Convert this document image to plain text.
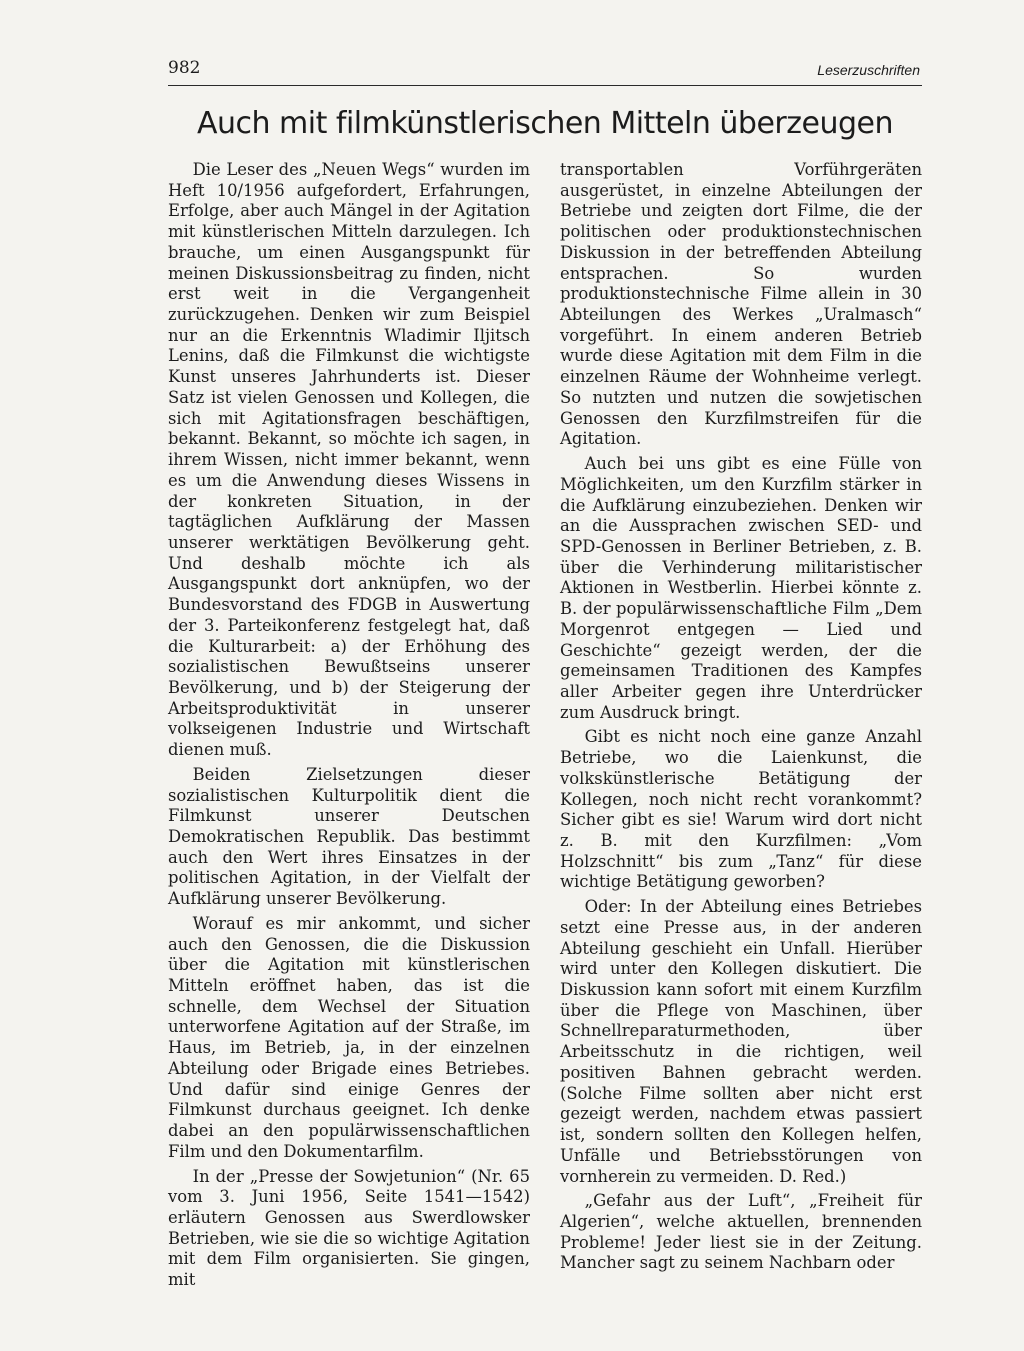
982	Leserzuschriften
Auch mit filmkünstlerischen Mitteln überzeugen

Die Leser des „Neuen Wegs“ wurden im Heft 10/1956 aufgefordert, Erfahrungen, Erfolge, aber auch Mängel in der Agitation mit künstlerischen Mitteln darzulegen. Ich brauche, um einen Ausgangspunkt für meinen Diskussionsbeitrag zu finden, nicht erst weit in die Vergangenheit zurückzugehen. Denken wir zum Beispiel nur an die Erkenntnis Wladimir Iljitsch Lenins, daß die Filmkunst die wichtigste Kunst unseres Jahrhunderts ist. Dieser Satz ist vielen Genossen und Kollegen, die sich mit Agitationsfragen beschäftigen, bekannt. Bekannt, so möchte ich sagen, in ihrem Wissen, nicht immer bekannt, wenn es um die Anwendung dieses Wissens in der konkreten Situation, in der tagtäglichen Aufklärung der Massen unserer werktätigen Bevölkerung geht. Und deshalb möchte ich als Ausgangspunkt dort anknüpfen, wo der Bundesvorstand des FDGB in Auswertung der 3. Parteikonferenz festgelegt hat, daß die Kulturarbeit: a) der Erhöhung des sozialistischen Bewußtseins unserer Bevölkerung, und b) der Steigerung der Arbeitsproduktivität in unserer volkseigenen Industrie und Wirtschaft dienen muß.

Beiden Zielsetzungen dieser sozialistischen Kulturpolitik dient die Filmkunst unserer Deutschen Demokratischen Republik. Das bestimmt auch den Wert ihres Einsatzes in der politischen Agitation, in der Vielfalt der Aufklärung unserer Bevölkerung.

Worauf es mir ankommt, und sicher auch den Genossen, die die Diskussion über die Agitation mit künstlerischen Mitteln eröffnet haben, das ist die schnelle, dem Wechsel der Situation unterworfene Agitation auf der Straße, im Haus, im Betrieb, ja, in der einzelnen Abteilung oder Brigade eines Betriebes. Und dafür sind einige Genres der Filmkunst durchaus geeignet. Ich denke dabei an den populärwissenschaftlichen Film und den Dokumentarfilm.

In der „Presse der Sowjetunion“ (Nr. 65 vom 3. Juni 1956, Seite 1541—1542) erläutern Genossen aus Swerdlowsker Betrieben, wie sie die so wichtige Agitation mit dem Film organisierten. Sie gingen, mit

transportablen Vorführgeräten ausgerüstet, in einzelne Abteilungen der Betriebe und zeigten dort Filme, die der politischen oder produktionstechnischen Diskussion in der betreffenden Abteilung entsprachen. So wurden produktionstechnische Filme allein in 30 Abteilungen des Werkes „Uralmasch“ vorgeführt. In einem anderen Betrieb wurde diese Agitation mit dem Film in die einzelnen Räume der Wohnheime verlegt. So nutzten und nutzen die sowjetischen Genossen den Kurzfilmstreifen für die Agitation.

Auch bei uns gibt es eine Fülle von Möglichkeiten, um den Kurzfilm stärker in die Aufklärung einzubeziehen. Denken wir an die Aussprachen zwischen SED- und SPD-Genossen in Berliner Betrieben, z. B. über die Verhinderung militaristischer Aktionen in Westberlin. Hierbei könnte z. B. der populärwissenschaftliche Film „Dem Morgenrot entgegen — Lied und Geschichte“ gezeigt werden, der die gemeinsamen Traditionen des Kampfes aller Arbeiter gegen ihre Unterdrücker zum Ausdruck bringt.

Gibt es nicht noch eine ganze Anzahl Betriebe, wo die Laienkunst, die volkskünstlerische Betätigung der Kollegen, noch nicht recht vorankommt? Sicher gibt es sie! Warum wird dort nicht z. B. mit den Kurzfilmen: „Vom Holzschnitt“ bis zum „Tanz“ für diese wichtige Betätigung geworben?

Oder: In der Abteilung eines Betriebes setzt eine Presse aus, in der anderen Abteilung geschieht ein Unfall. Hierüber wird unter den Kollegen diskutiert. Die Diskussion kann sofort mit einem Kurzfilm über die Pflege von Maschinen, über Schnellreparaturmethoden, über Arbeitsschutz in die richtigen, weil positiven Bahnen gebracht werden. (Solche Filme sollten aber nicht erst gezeigt werden, nachdem etwas passiert ist, sondern sollten den Kollegen helfen, Unfälle und Betriebsstörungen von vornherein zu vermeiden. D. Red.)

„Gefahr aus der Luft“, „Freiheit für Algerien“, welche aktuellen, brennenden Probleme! Jeder liest sie in der Zeitung. Mancher sagt zu seinem Nachbarn oder
